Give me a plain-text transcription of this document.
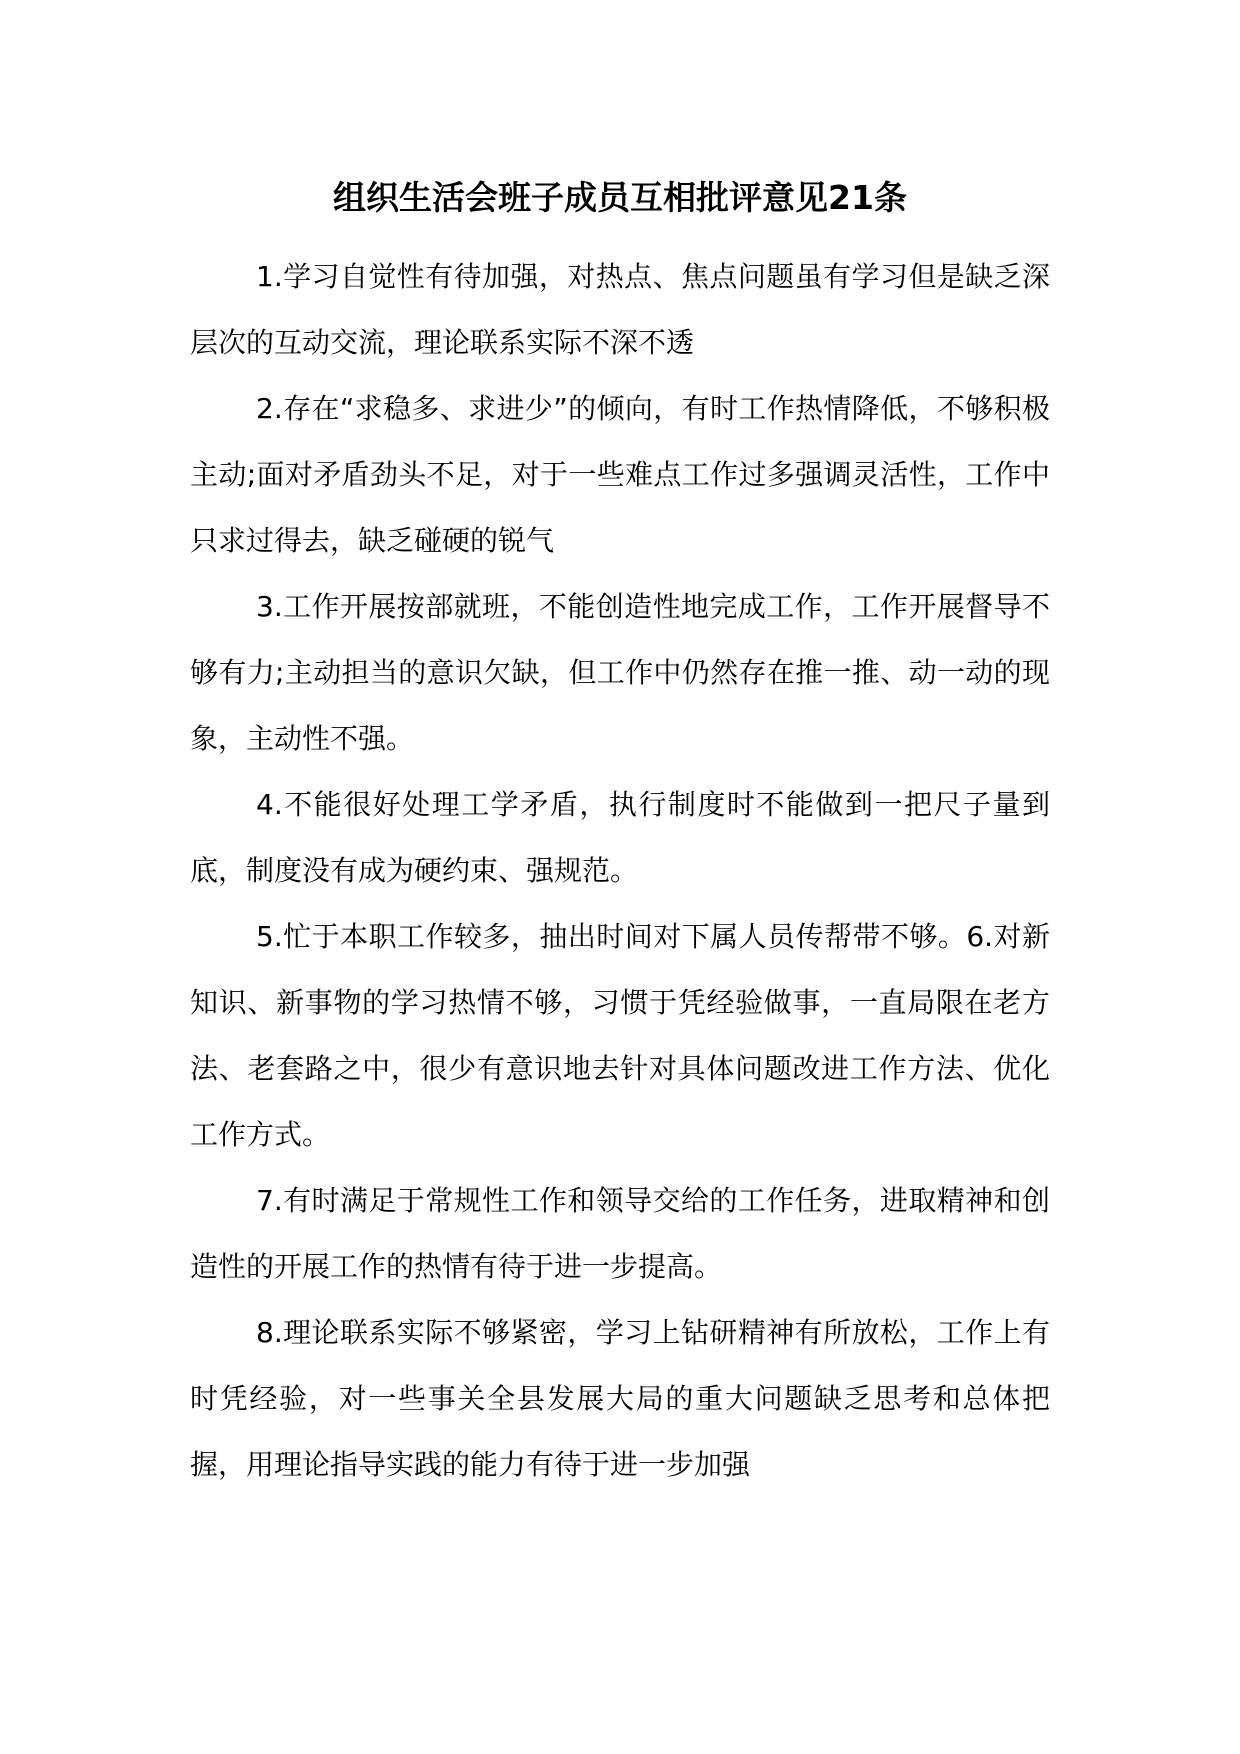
组织生活会班子成员互相批评意见21条

1.学习自觉性有待加强，对热点、焦点问题虽有学习但是缺乏深层次的互动交流，理论联系实际不深不透

2.存在“求稳多、求进少”的倾向，有时工作热情降低，不够积极主动;面对矛盾劲头不足，对于一些难点工作过多强调灵活性，工作中只求过得去，缺乏碰硬的锐气

3.工作开展按部就班，不能创造性地完成工作，工作开展督导不够有力;主动担当的意识欠缺，但工作中仍然存在推一推、动一动的现象，主动性不强。

4.不能很好处理工学矛盾，执行制度时不能做到一把尺子量到底，制度没有成为硬约束、强规范。

5.忙于本职工作较多，抽出时间对下属人员传帮带不够。6.对新知识、新事物的学习热情不够，习惯于凭经验做事，一直局限在老方法、老套路之中，很少有意识地去针对具体问题改进工作方法、优化工作方式。

7.有时满足于常规性工作和领导交给的工作任务，进取精神和创造性的开展工作的热情有待于进一步提高。

8.理论联系实际不够紧密，学习上钻研精神有所放松，工作上有时凭经验，对一些事关全县发展大局的重大问题缺乏思考和总体把握，用理论指导实践的能力有待于进一步加强
